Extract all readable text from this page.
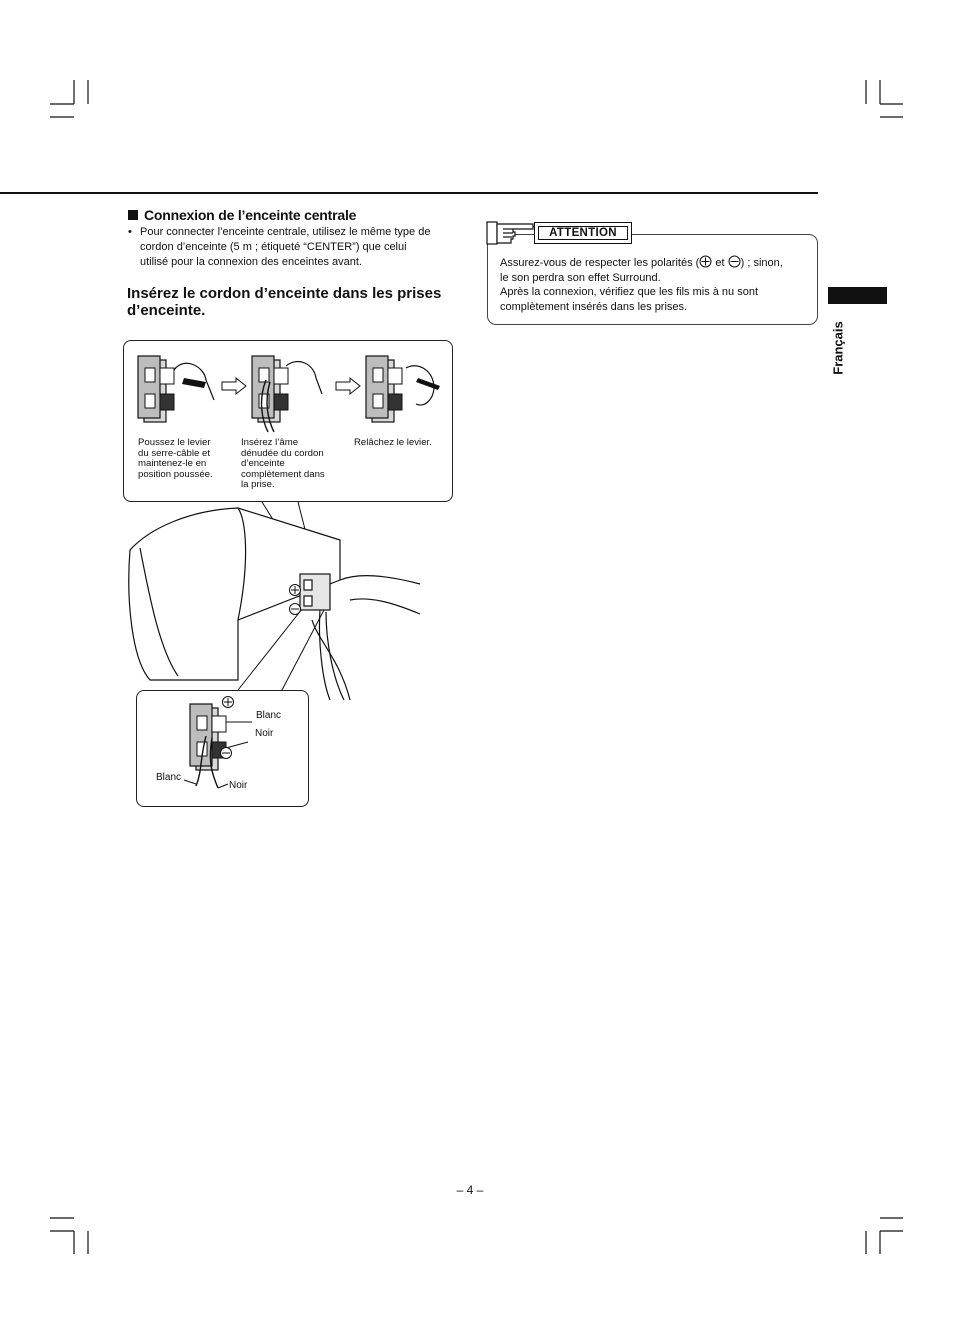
Connexion de l’enceinte centrale
• Pour connecter l’enceinte centrale, utilisez le même type de
cordon d’enceinte (5 m ; étiqueté “CENTER”) que celui
utilisé pour la connexion des enceintes avant.
Insérez le cordon d’enceinte dans les prises
d’enceinte.
Poussez le levier
du serre-câble et
maintenez-le en
position poussée.
Insérez l’âme
dénudée du cordon
d’enceinte
complètement dans
la prise.
Relâchez le levier.
Blanc
Noir
Blanc
Noir
ATTENTION
Assurez-vous de respecter les polarités ( et ) ; sinon,
le son perdra son effet Surround.
Après la connexion, vérifiez que les fils mis à nu sont
complètement insérés dans les prises.
Français
– 4 –
